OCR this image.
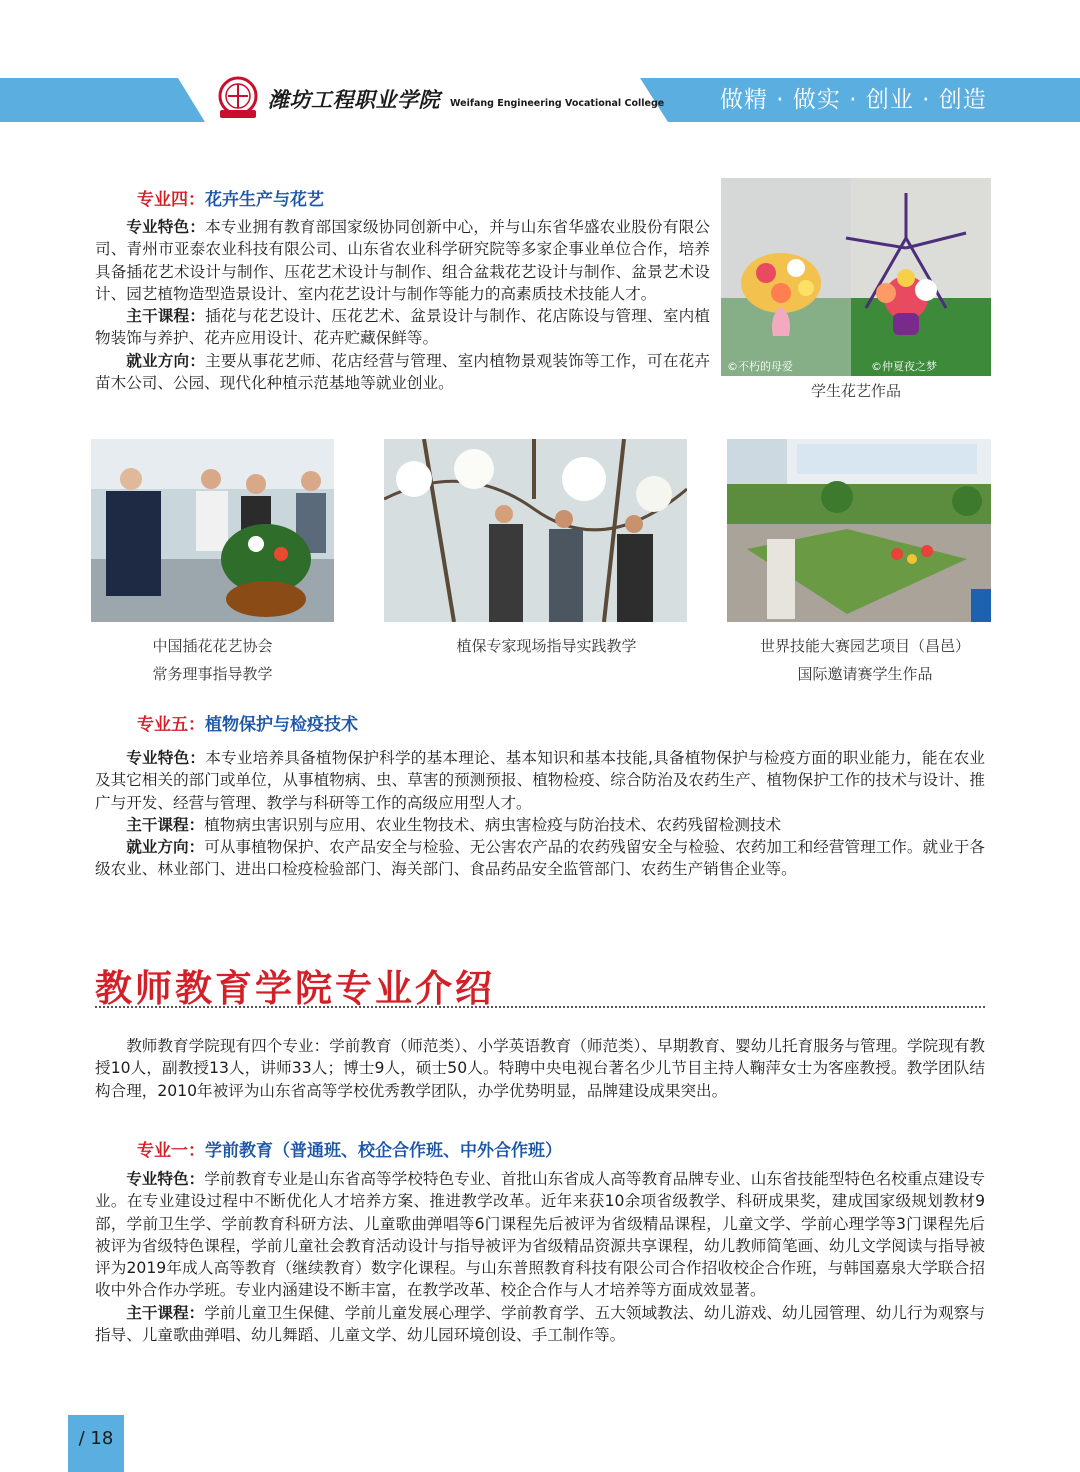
做精 · 做实 · 创业 · 创造
潍坊工程职业学院 Weifang Engineering Vocational College
专业四：花卉生产与花艺

专业特色：本专业拥有教育部国家级协同创新中心，并与山东省华盛农业股份有限公司、青州市亚泰农业科技有限公司、山东省农业科学研究院等多家企事业单位合作，培养具备插花艺术设计与制作、压花艺术设计与制作、组合盆栽花艺设计与制作、盆景艺术设计、园艺植物造型造景设计、室内花艺设计与制作等能力的高素质技术技能人才。

主干课程：插花与花艺设计、压花艺术、盆景设计与制作、花店陈设与管理、室内植物装饰与养护、花卉应用设计、花卉贮藏保鲜等。

就业方向：主要从事花艺师、花店经营与管理、室内植物景观装饰等工作，可在花卉苗木公司、公园、现代化种植示范基地等就业创业。

©不朽的母爱	©仲夏夜之梦
学生花艺作品
中国插花花艺协会
常务理事指导教学
植保专家现场指导实践教学	世界技能大赛园艺项目（昌邑）
国际邀请赛学生作品
专业五：植物保护与检疫技术

专业特色：本专业培养具备植物保护科学的基本理论、基本知识和基本技能,具备植物保护与检疫方面的职业能力，能在农业及其它相关的部门或单位，从事植物病、虫、草害的预测预报、植物检疫、综合防治及农药生产、植物保护工作的技术与设计、推广与开发、经营与管理、教学与科研等工作的高级应用型人才。

主干课程：植物病虫害识别与应用、农业生物技术、病虫害检疫与防治技术、农药残留检测技术

就业方向：可从事植物保护、农产品安全与检验、无公害农产品的农药残留安全与检验、农药加工和经营管理工作。就业于各级农业、林业部门、进出口检疫检验部门、海关部门、食品药品安全监管部门、农药生产销售企业等。

教师教育学院专业介绍

教师教育学院现有四个专业：学前教育（师范类）、小学英语教育（师范类）、早期教育、婴幼儿托育服务与管理。学院现有教授10人，副教授13人，讲师33人；博士9人，硕士50人。特聘中央电视台著名少儿节目主持人鞠萍女士为客座教授。教学团队结构合理，2010年被评为山东省高等学校优秀教学团队，办学优势明显，品牌建设成果突出。

专业一：学前教育（普通班、校企合作班、中外合作班）

专业特色：学前教育专业是山东省高等学校特色专业、首批山东省成人高等教育品牌专业、山东省技能型特色名校重点建设专业。在专业建设过程中不断优化人才培养方案、推进教学改革。近年来获10余项省级教学、科研成果奖，建成国家级规划教材9部，学前卫生学、学前教育科研方法、儿童歌曲弹唱等6门课程先后被评为省级精品课程，儿童文学、学前心理学等3门课程先后被评为省级特色课程，学前儿童社会教育活动设计与指导被评为省级精品资源共享课程，幼儿教师简笔画、幼儿文学阅读与指导被评为2019年成人高等教育（继续教育）数字化课程。与山东普照教育科技有限公司合作招收校企合作班，与韩国嘉泉大学联合招收中外合作办学班。专业内涵建设不断丰富，在教学改革、校企合作与人才培养等方面成效显著。

主干课程：学前儿童卫生保健、学前儿童发展心理学、学前教育学、五大领域教法、幼儿游戏、幼儿园管理、幼儿行为观察与指导、儿童歌曲弹唱、幼儿舞蹈、儿童文学、幼儿园环境创设、手工制作等。

/ 18
